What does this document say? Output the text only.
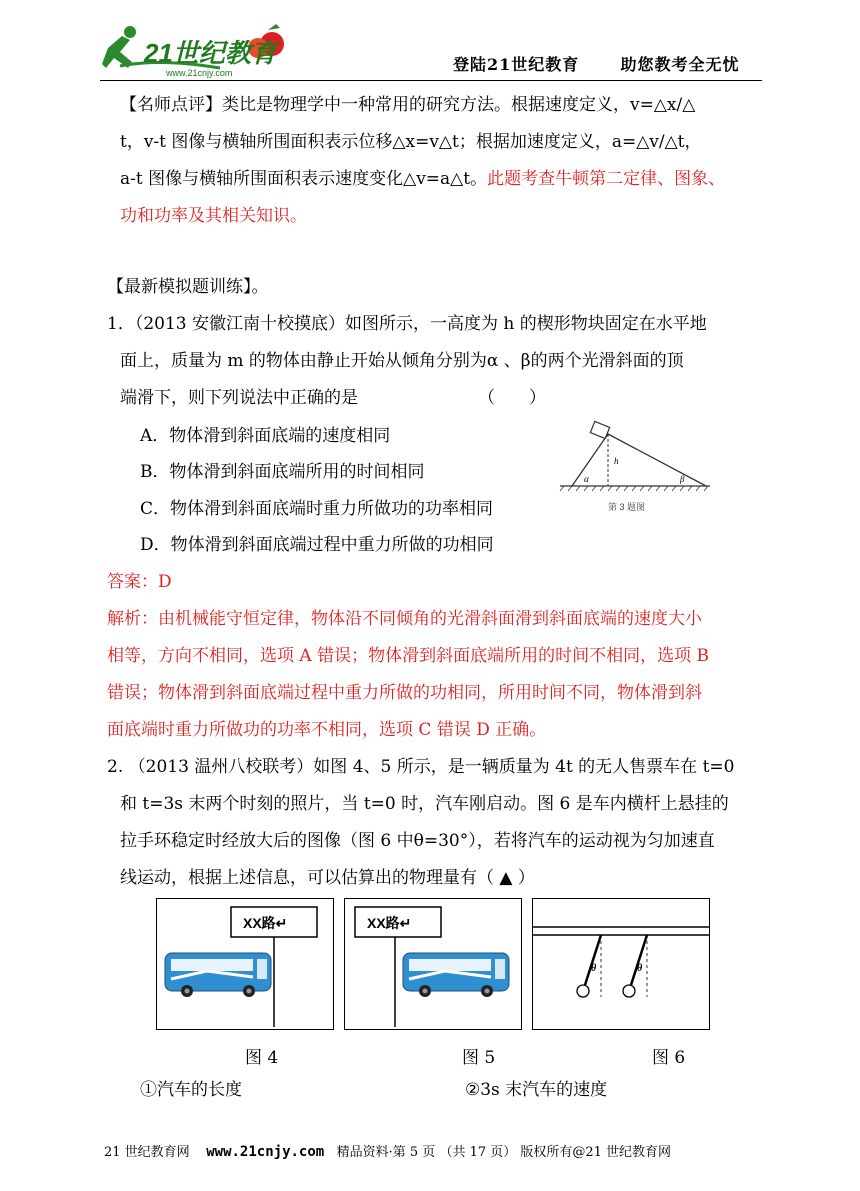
21世纪教育
www.21cnjy.com	登陆21世纪教育	助您教考全无忧
【名师点评】类比是物理学中一种常用的研究方法。根据速度定义，v=△x/△
t，v-t 图像与横轴所围面积表示位移△x=v△t；根据加速度定义，a=△v/△t，
a-t 图像与横轴所围面积表示速度变化△v=a△t。此题考查牛顿第二定律、图象、
功和功率及其相关知识。
【最新模拟题训练】。
1．（2013 安徽江南十校摸底）如图所示，一高度为 h 的楔形物块固定在水平地
面上，质量为 m 的物体由静止开始从倾角分别为α 、β的两个光滑斜面的顶
端滑下，则下列说法中正确的是	（　　）
A．物体滑到斜面底端的速度相同
B．物体滑到斜面底端所用的时间相同
C．物体滑到斜面底端时重力所做功的功率相同
D．物体滑到斜面底端过程中重力所做的功相同
h
α	β
第 3 题图
答案：D
解析：由机械能守恒定律，物体沿不同倾角的光滑斜面滑到斜面底端的速度大小
相等，方向不相同，选项 A 错误；物体滑到斜面底端所用的时间不相同，选项 B
错误；物体滑到斜面底端过程中重力所做的功相同，所用时间不同，物体滑到斜
面底端时重力所做功的功率不相同，选项 C 错误 D 正确。
2. （2013 温州八校联考）如图 4、5 所示，是一辆质量为 4t 的无人售票车在 t=0
和 t=3s 末两个时刻的照片，当 t=0 时，汽车刚启动。图 6 是车内横杆上悬挂的
拉手环稳定时经放大后的图像（图 6 中θ=30°），若将汽车的运动视为匀加速直
线运动，根据上述信息，可以估算出的物理量有（ ▲ ）
XX路↵
图 4
XX路↵
图 5
θ	θ
图 6
①汽车的长度	②3s 末汽车的速度
21 世纪教育网 www.21cnjy.com 精品资料·第 5 页 （共 17 页） 版权所有@21 世纪教育网
